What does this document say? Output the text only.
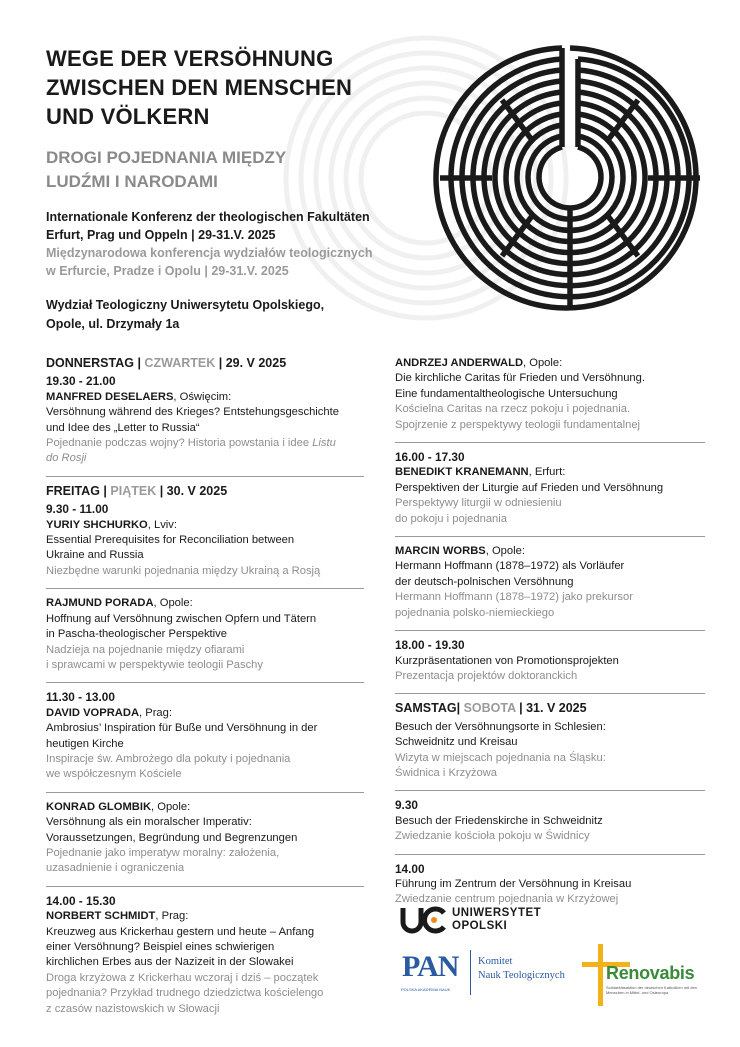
WEGE DER VERSÖHNUNG
ZWISCHEN DEN MENSCHEN
UND VÖLKERN
DROGI POJEDNANIA MIĘDZY
LUDŹMI I NARODAMI
Internationale Konferenz der theologischen Fakultäten
Erfurt, Prag und Oppeln | 29-31.V. 2025
Międzynarodowa konferencja wydziałów teologicznych
w Erfurcie, Pradze i Opolu | 29-31.V. 2025
Wydział Teologiczny Uniwersytetu Opolskiego,
Opole, ul. Drzymały 1a
DONNERSTAG | CZWARTEK | 29. V 2025
19.30 - 21.00
MANFRED DESELAERS, Oświęcim:
Versöhnung während des Krieges? Entstehungsgeschichte
und Idee des „Letter to Russia“
Pojednanie podczas wojny? Historia powstania i idee Listu
do Rosji
FREITAG | PIĄTEK | 30. V 2025
9.30 - 11.00
YURIY SHCHURKO, Lviv:
Essential Prerequisites for Reconciliation between
Ukraine and Russia
Niezbędne warunki pojednania między Ukrainą a Rosją
RAJMUND PORADA, Opole:
Hoffnung auf Versöhnung zwischen Opfern und Tätern
in Pascha-theologischer Perspektive
Nadzieja na pojednanie między ofiarami
i sprawcami w perspektywie teologii Paschy
11.30 - 13.00
DAVID VOPRADA, Prag:
Ambrosius’ Inspiration für Buße und Versöhnung in der
heutigen Kirche
Inspiracje św. Ambrożego dla pokuty i pojednania
we współczesnym Kościele
KONRAD GLOMBIK, Opole:
Versöhnung als ein moralscher Imperativ:
Voraussetzungen, Begründung und Begrenzungen
Pojednanie jako imperatyw moralny: założenia,
uzasadnienie i ograniczenia
14.00 - 15.30
NORBERT SCHMIDT, Prag:
Kreuzweg aus Krickerhau gestern und heute – Anfang
einer Versöhnung? Beispiel eines schwierigen
kirchlichen Erbes aus der Nazizeit in der Slowakei
Droga krzyżowa z Krickerhau wczoraj i dziś – początek
pojednania? Przykład trudnego dziedzictwa kościelengo
z czasów nazistowskich w Słowacji
ANDRZEJ ANDERWALD, Opole:
Die kirchliche Caritas für Frieden und Versöhnung.
Eine fundamentaltheologische Untersuchung
Kościelna Caritas na rzecz pokoju i pojednania.
Spojrzenie z perspektywy teologii fundamentalnej
16.00 - 17.30
BENEDIKT KRANEMANN, Erfurt:
Perspektiven der Liturgie auf Frieden und Versöhnung
Perspektywy liturgii w odniesieniu
do pokoju i pojednania
MARCIN WORBS, Opole:
Hermann Hoffmann (1878–1972) als Vorläufer
der deutsch-polnischen Versöhnung
Hermann Hoffmann (1878–1972) jako prekursor
pojednania polsko-niemieckiego
18.00 - 19.30
Kurzpräsentationen von Promotionsprojekten
Prezentacja projektów doktoranckich
SAMSTAG| SOBOTA | 31. V 2025
Besuch der Versöhnungsorte in Schlesien:
Schweidnitz und Kreisau
Wizyta w miejscach pojednania na Śląsku:
Świdnica i Krzyżowa
9.30
Besuch der Friedenskirche in Schweidnitz
Zwiedzanie kościoła pokoju w Świdnicy
14.00
Führung im Zentrum der Versöhnung in Kreisau
Zwiedzanie centrum pojednania w Krzyżowej
UNIWERSYTET
OPOLSKI
PAN
POLSKA AKADEMIA NAUK
Komitet
Nauk Teologicznych Renovabis
Solidaritätsaktion der deutschen Katholiken mit den Menschen in Mittel- und Osteuropa
